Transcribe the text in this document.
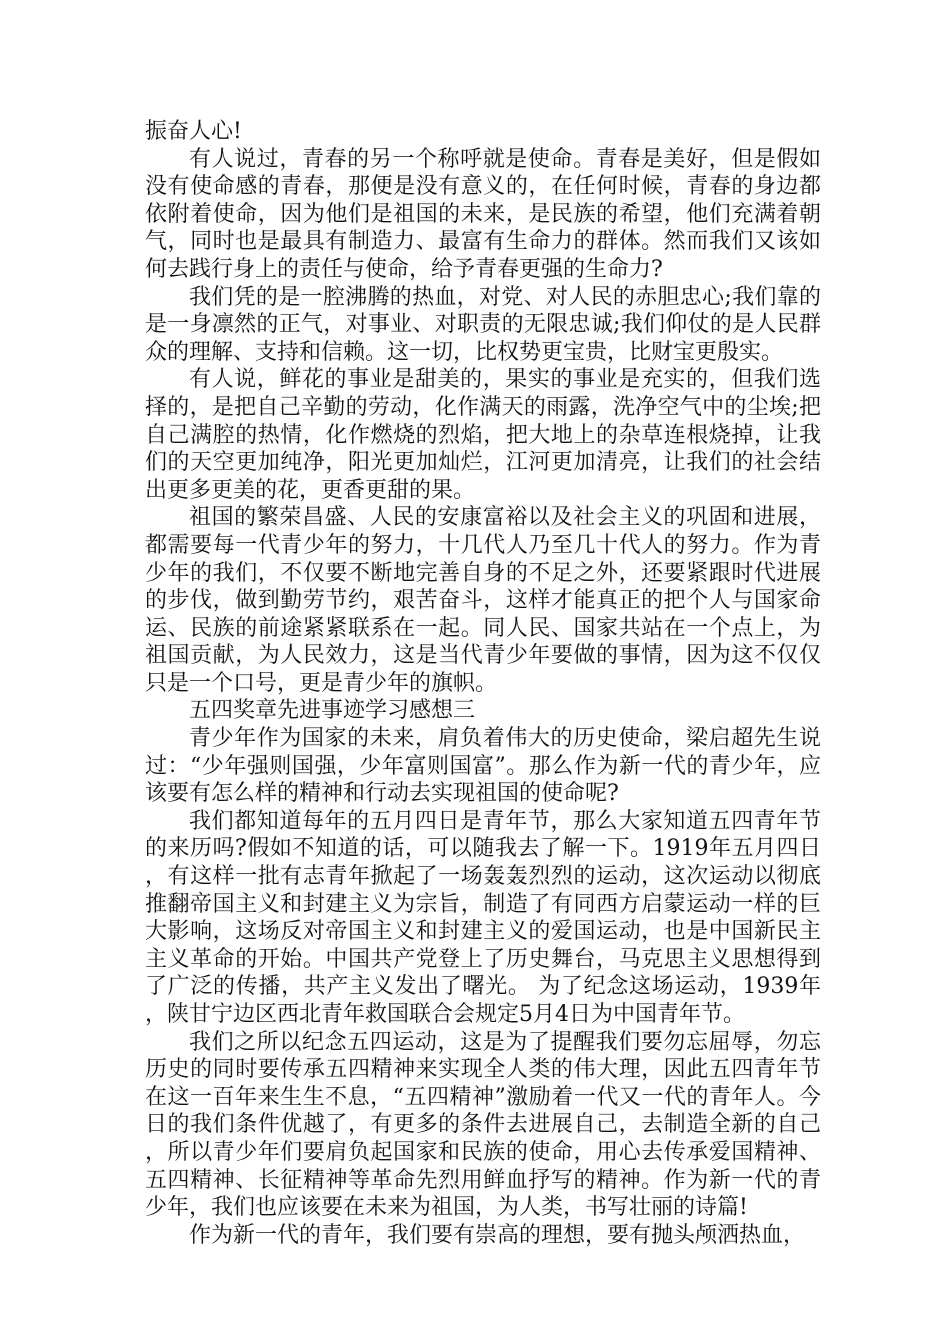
振奋人心!

有人说过，青春的另一个称呼就是使命。青春是美好，但是假如没有使命感的青春，那便是没有意义的，在任何时候，青春的身边都依附着使命，因为他们是祖国的未来，是民族的希望，他们充满着朝气，同时也是最具有制造力、最富有生命力的群体。然而我们又该如何去践行身上的责任与使命，给予青春更强的生命力?

我们凭的是一腔沸腾的热血，对党、对人民的赤胆忠心;我们靠的是一身凛然的正气，对事业、对职责的无限忠诚;我们仰仗的是人民群众的理解、支持和信赖。这一切，比权势更宝贵，比财宝更殷实。

有人说，鲜花的事业是甜美的，果实的事业是充实的，但我们选择的，是把自己辛勤的劳动，化作满天的雨露，洗净空气中的尘埃;把自己满腔的热情，化作燃烧的烈焰，把大地上的杂草连根烧掉，让我们的天空更加纯净，阳光更加灿烂，江河更加清亮，让我们的社会结出更多更美的花，更香更甜的果。

祖国的繁荣昌盛、人民的安康富裕以及社会主义的巩固和进展，都需要每一代青少年的努力，十几代人乃至几十代人的努力。作为青少年的我们，不仅要不断地完善自身的不足之外，还要紧跟时代进展的步伐，做到勤劳节约，艰苦奋斗，这样才能真正的把个人与国家命运、民族的前途紧紧联系在一起。同人民、国家共站在一个点上，为祖国贡献，为人民效力，这是当代青少年要做的事情，因为这不仅仅只是一个口号，更是青少年的旗帜。

五四奖章先进事迹学习感想三

青少年作为国家的未来，肩负着伟大的历史使命，梁启超先生说过：“少年强则国强，少年富则国富”。那么作为新一代的青少年，应该要有怎么样的精神和行动去实现祖国的使命呢?

我们都知道每年的五月四日是青年节，那么大家知道五四青年节的来历吗?假如不知道的话，可以随我去了解一下。1919年五月四日，有这样一批有志青年掀起了一场轰轰烈烈的运动，这次运动以彻底推翻帝国主义和封建主义为宗旨，制造了有同西方启蒙运动一样的巨大影响，这场反对帝国主义和封建主义的爱国运动，也是中国新民主主义革命的开始。中国共产党登上了历史舞台，马克思主义思想得到了广泛的传播，共产主义发出了曙光。 为了纪念这场运动，1939年，陕甘宁边区西北青年救国联合会规定5月4日为中国青年节。

我们之所以纪念五四运动，这是为了提醒我们要勿忘屈辱，勿忘历史的同时要传承五四精神来实现全人类的伟大理，因此五四青年节在这一百年来生生不息，“五四精神”激励着一代又一代的青年人。今日的我们条件优越了，有更多的条件去进展自己，去制造全新的自己，所以青少年们要肩负起国家和民族的使命，用心去传承爱国精神、五四精神、长征精神等革命先烈用鲜血抒写的精神。作为新一代的青少年，我们也应该要在未来为祖国，为人类，书写壮丽的诗篇!

作为新一代的青年，我们要有崇高的理想，要有抛头颅洒热血，
